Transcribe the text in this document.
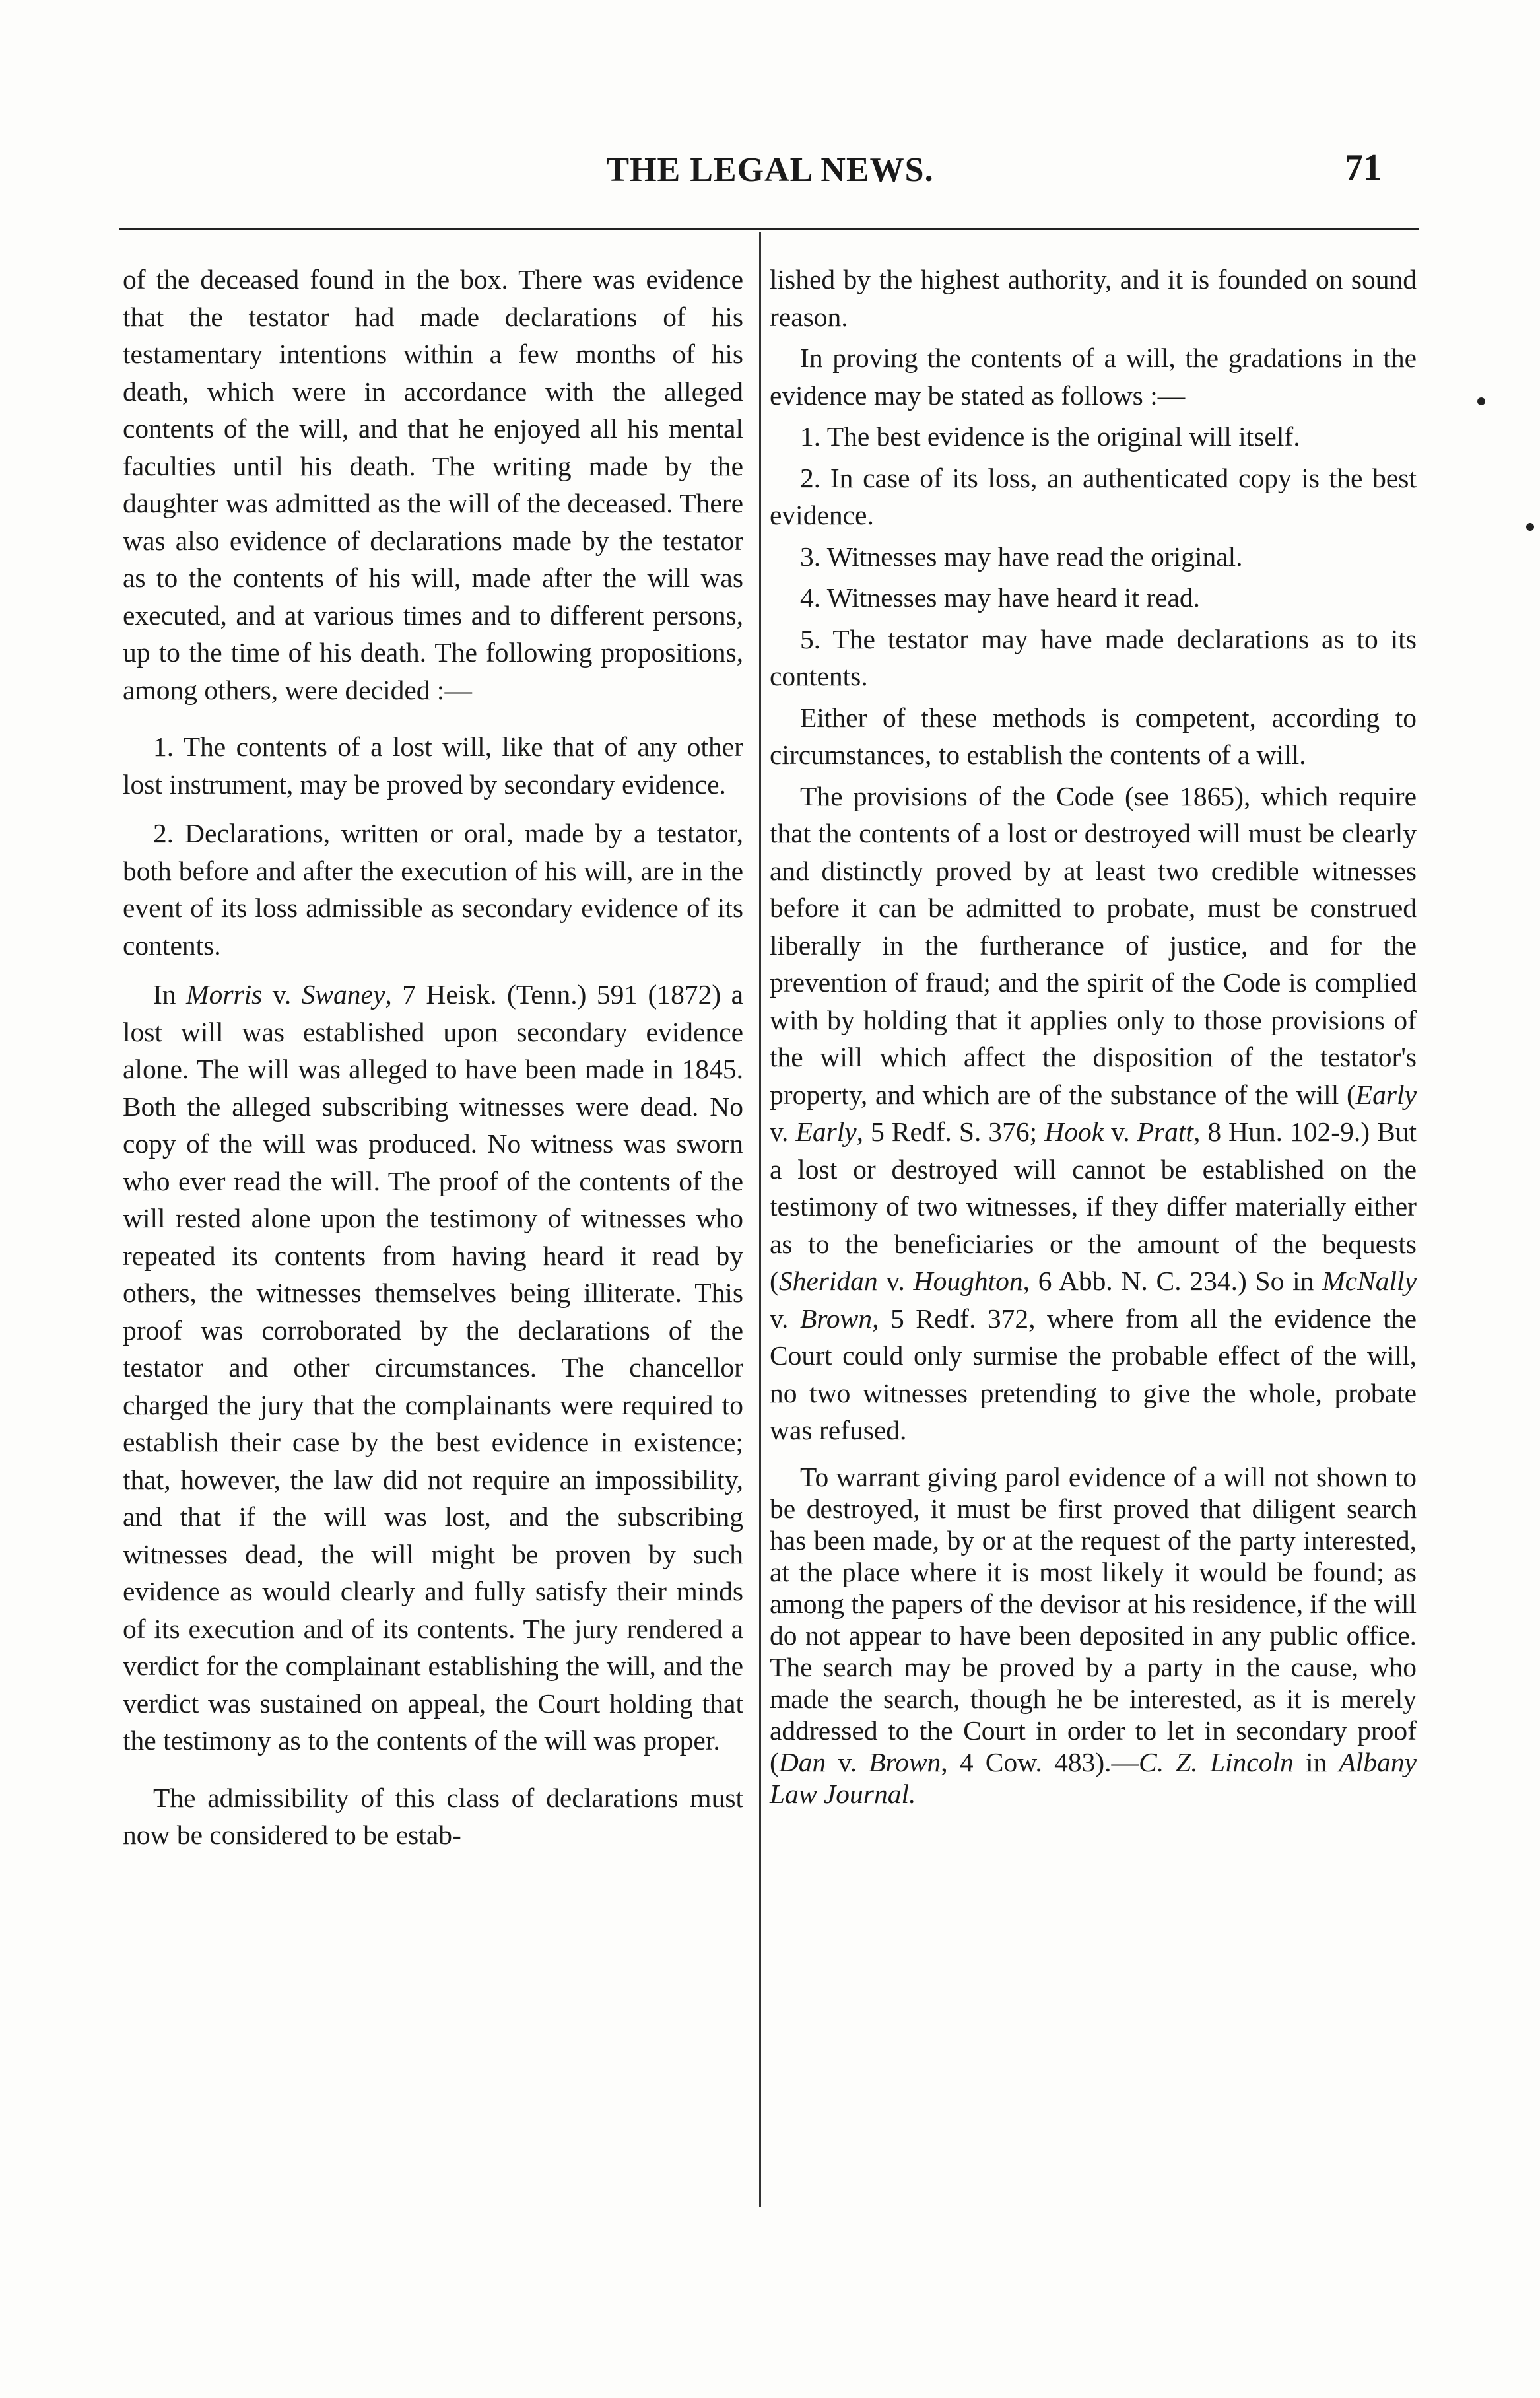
THE LEGAL NEWS.	71

of the deceased found in the box. There was evidence that the testator had made declarations of his testamentary intentions within a few months of his death, which were in accordance with the alleged contents of the will, and that he enjoyed all his mental faculties until his death. The writing made by the daughter was admitted as the will of the deceased. There was also evidence of declarations made by the testator as to the contents of his will, made after the will was executed, and at various times and to different persons, up to the time of his death. The following propositions, among others, were decided :—

1. The contents of a lost will, like that of any other lost instrument, may be proved by secondary evidence.

2. Declarations, written or oral, made by a testator, both before and after the execution of his will, are in the event of its loss admissible as secondary evidence of its contents.

In Morris v. Swaney, 7 Heisk. (Tenn.) 591 (1872) a lost will was established upon secondary evidence alone. The will was alleged to have been made in 1845. Both the alleged subscribing witnesses were dead. No copy of the will was produced. No witness was sworn who ever read the will. The proof of the contents of the will rested alone upon the testimony of witnesses who repeated its contents from having heard it read by others, the witnesses themselves being illiterate. This proof was corroborated by the declarations of the testator and other circumstances. The chancellor charged the jury that the complainants were required to establish their case by the best evidence in existence; that, however, the law did not require an impossibility, and that if the will was lost, and the subscribing witnesses dead, the will might be proven by such evidence as would clearly and fully satisfy their minds of its execution and of its contents. The jury rendered a verdict for the complainant establishing the will, and the verdict was sustained on appeal, the Court holding that the testimony as to the contents of the will was proper.

The admissibility of this class of declarations must now be considered to be estab-

lished by the highest authority, and it is founded on sound reason.

In proving the contents of a will, the gradations in the evidence may be stated as follows :—

1. The best evidence is the original will itself.

2. In case of its loss, an authenticated copy is the best evidence.

3. Witnesses may have read the original.

4. Witnesses may have heard it read.

5. The testator may have made declarations as to its contents.

Either of these methods is competent, according to circumstances, to establish the contents of a will.

The provisions of the Code (see 1865), which require that the contents of a lost or destroyed will must be clearly and distinctly proved by at least two credible witnesses before it can be admitted to probate, must be construed liberally in the furtherance of justice, and for the prevention of fraud; and the spirit of the Code is complied with by holding that it applies only to those provisions of the will which affect the disposition of the testator's property, and which are of the substance of the will (Early v. Early, 5 Redf. S. 376; Hook v. Pratt, 8 Hun. 102-9.) But a lost or destroyed will cannot be established on the testimony of two witnesses, if they differ materially either as to the beneficiaries or the amount of the bequests (Sheridan v. Houghton, 6 Abb. N. C. 234.) So in McNally v. Brown, 5 Redf. 372, where from all the evidence the Court could only surmise the probable effect of the will, no two witnesses pretending to give the whole, probate was refused.

To warrant giving parol evidence of a will not shown to be destroyed, it must be first proved that diligent search has been made, by or at the request of the party interested, at the place where it is most likely it would be found; as among the papers of the devisor at his residence, if the will do not appear to have been deposited in any public office. The search may be proved by a party in the cause, who made the search, though he be interested, as it is merely addressed to the Court in order to let in secondary proof (Dan v. Brown, 4 Cow. 483).—C. Z. Lincoln in Albany Law Journal.
